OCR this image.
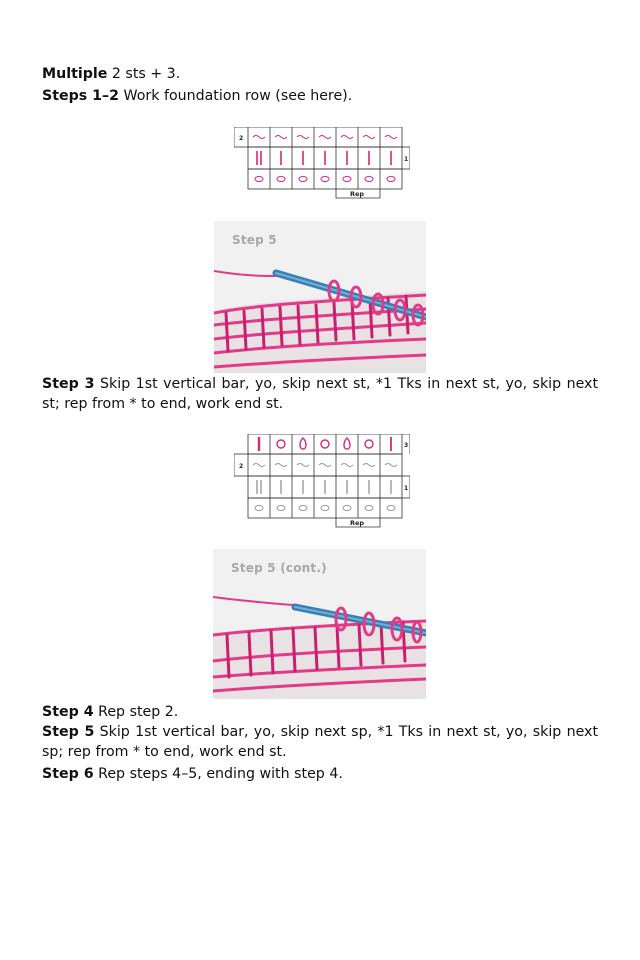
Multiple 2 sts + 3.
Steps 1–2 Work foundation row (see here).
2
1
Rep
Step 5
Step 3 Skip 1st vertical bar, yo, skip next st, *1 Tks in next st, yo, skip next st; rep from * to end, work end st.
3
2
1
Rep
Step 5 (cont.)
Step 4 Rep step 2.
Step 5 Skip 1st vertical bar, yo, skip next sp, *1 Tks in next st, yo, skip next sp; rep from * to end, work end st.
Step 6 Rep steps 4–5, ending with step 4.
